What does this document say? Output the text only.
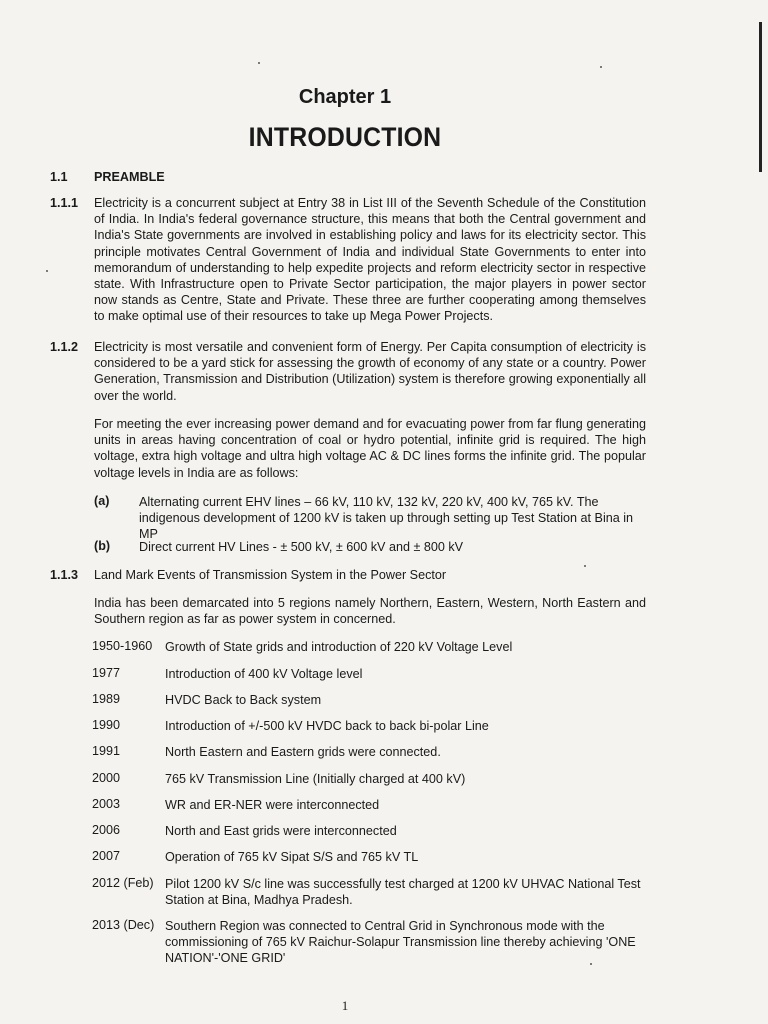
Chapter 1
INTRODUCTION
1.1 PREAMBLE
1.1.1 Electricity is a concurrent subject at Entry 38 in List III of the Seventh Schedule of the Constitution of India. In India's federal governance structure, this means that both the Central government and India's State governments are involved in establishing policy and laws for its electricity sector. This principle motivates Central Government of India and individual State Governments to enter into memorandum of understanding to help expedite projects and reform electricity sector in respective state. With Infrastructure open to Private Sector participation, the major players in power sector now stands as Centre, State and Private. These three are further cooperating among themselves to make optimal use of their resources to take up Mega Power Projects.
1.1.2 Electricity is most versatile and convenient form of Energy. Per Capita consumption of electricity is considered to be a yard stick for assessing the growth of economy of any state or a country. Power Generation, Transmission and Distribution (Utilization) system is therefore growing exponentially all over the world.
For meeting the ever increasing power demand and for evacuating power from far flung generating units in areas having concentration of coal or hydro potential, infinite grid is required. The high voltage, extra high voltage and ultra high voltage AC & DC lines forms the infinite grid. The popular voltage levels in India are as follows:
(a) Alternating current EHV lines – 66 kV, 110 kV, 132 kV, 220 kV, 400 kV, 765 kV. The indigenous development of 1200 kV is taken up through setting up Test Station at Bina in MP
(b) Direct current HV Lines - ± 500 kV, ± 600 kV and ± 800 kV
1.1.3 Land Mark Events of Transmission System in the Power Sector
India has been demarcated into 5 regions namely Northern, Eastern, Western, North Eastern and Southern region as far as power system in concerned.
1950-1960 Growth of State grids and introduction of 220 kV Voltage Level
1977	Introduction of 400 kV Voltage level
1989	HVDC Back to Back system
1990	Introduction of +/-500 kV HVDC back to back bi-polar Line
1991	North Eastern and Eastern grids were connected.
2000	765 kV Transmission Line (Initially charged at 400 kV)
2003	WR and ER-NER were interconnected
2006	North and East grids were interconnected
2007	Operation of 765 kV Sipat S/S and 765 kV TL
2012 (Feb) Pilot 1200 kV S/c line was successfully test charged at 1200 kV UHVAC National Test Station at Bina, Madhya Pradesh.
2013 (Dec) Southern Region was connected to Central Grid in Synchronous mode with the commissioning of 765 kV Raichur-Solapur Transmission line thereby achieving 'ONE NATION'-'ONE GRID'
1
